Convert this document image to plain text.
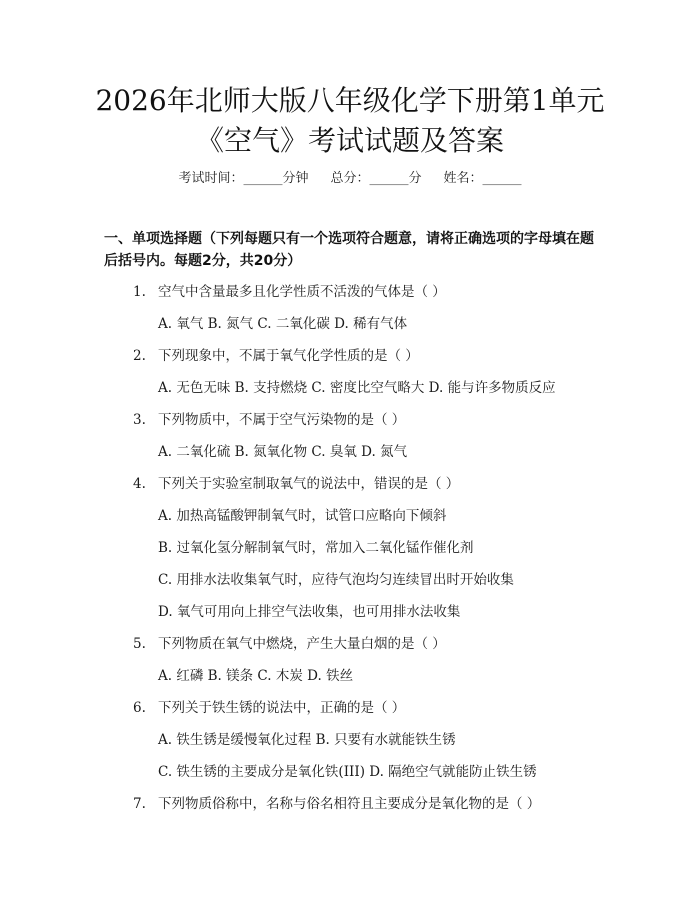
2026年北师大版八年级化学下册第1单元
《空气》考试试题及答案
考试时间：______分钟 总分：______分 姓名：______
一、单项选择题（下列每题只有一个选项符合题意，请将正确选项的字母填在题后括号内。每题2分，共20分）
1. 空气中含量最多且化学性质不活泼的气体是（ ）
A. 氧气 B. 氮气 C. 二氧化碳 D. 稀有气体
2. 下列现象中，不属于氧气化学性质的是（ ）
A. 无色无味 B. 支持燃烧 C. 密度比空气略大 D. 能与许多物质反应
3. 下列物质中，不属于空气污染物的是（ ）
A. 二氧化硫 B. 氮氧化物 C. 臭氧 D. 氮气
4. 下列关于实验室制取氧气的说法中，错误的是（ ）
A. 加热高锰酸钾制氧气时，试管口应略向下倾斜
B. 过氧化氢分解制氧气时，常加入二氧化锰作催化剂
C. 用排水法收集氧气时，应待气泡均匀连续冒出时开始收集
D. 氧气可用向上排空气法收集，也可用排水法收集
5. 下列物质在氧气中燃烧，产生大量白烟的是（ ）
A. 红磷 B. 镁条 C. 木炭 D. 铁丝
6. 下列关于铁生锈的说法中，正确的是（ ）
A. 铁生锈是缓慢氧化过程 B. 只要有水就能铁生锈
C. 铁生锈的主要成分是氧化铁(III) D. 隔绝空气就能防止铁生锈
7. 下列物质俗称中，名称与俗名相符且主要成分是氧化物的是（ ）
